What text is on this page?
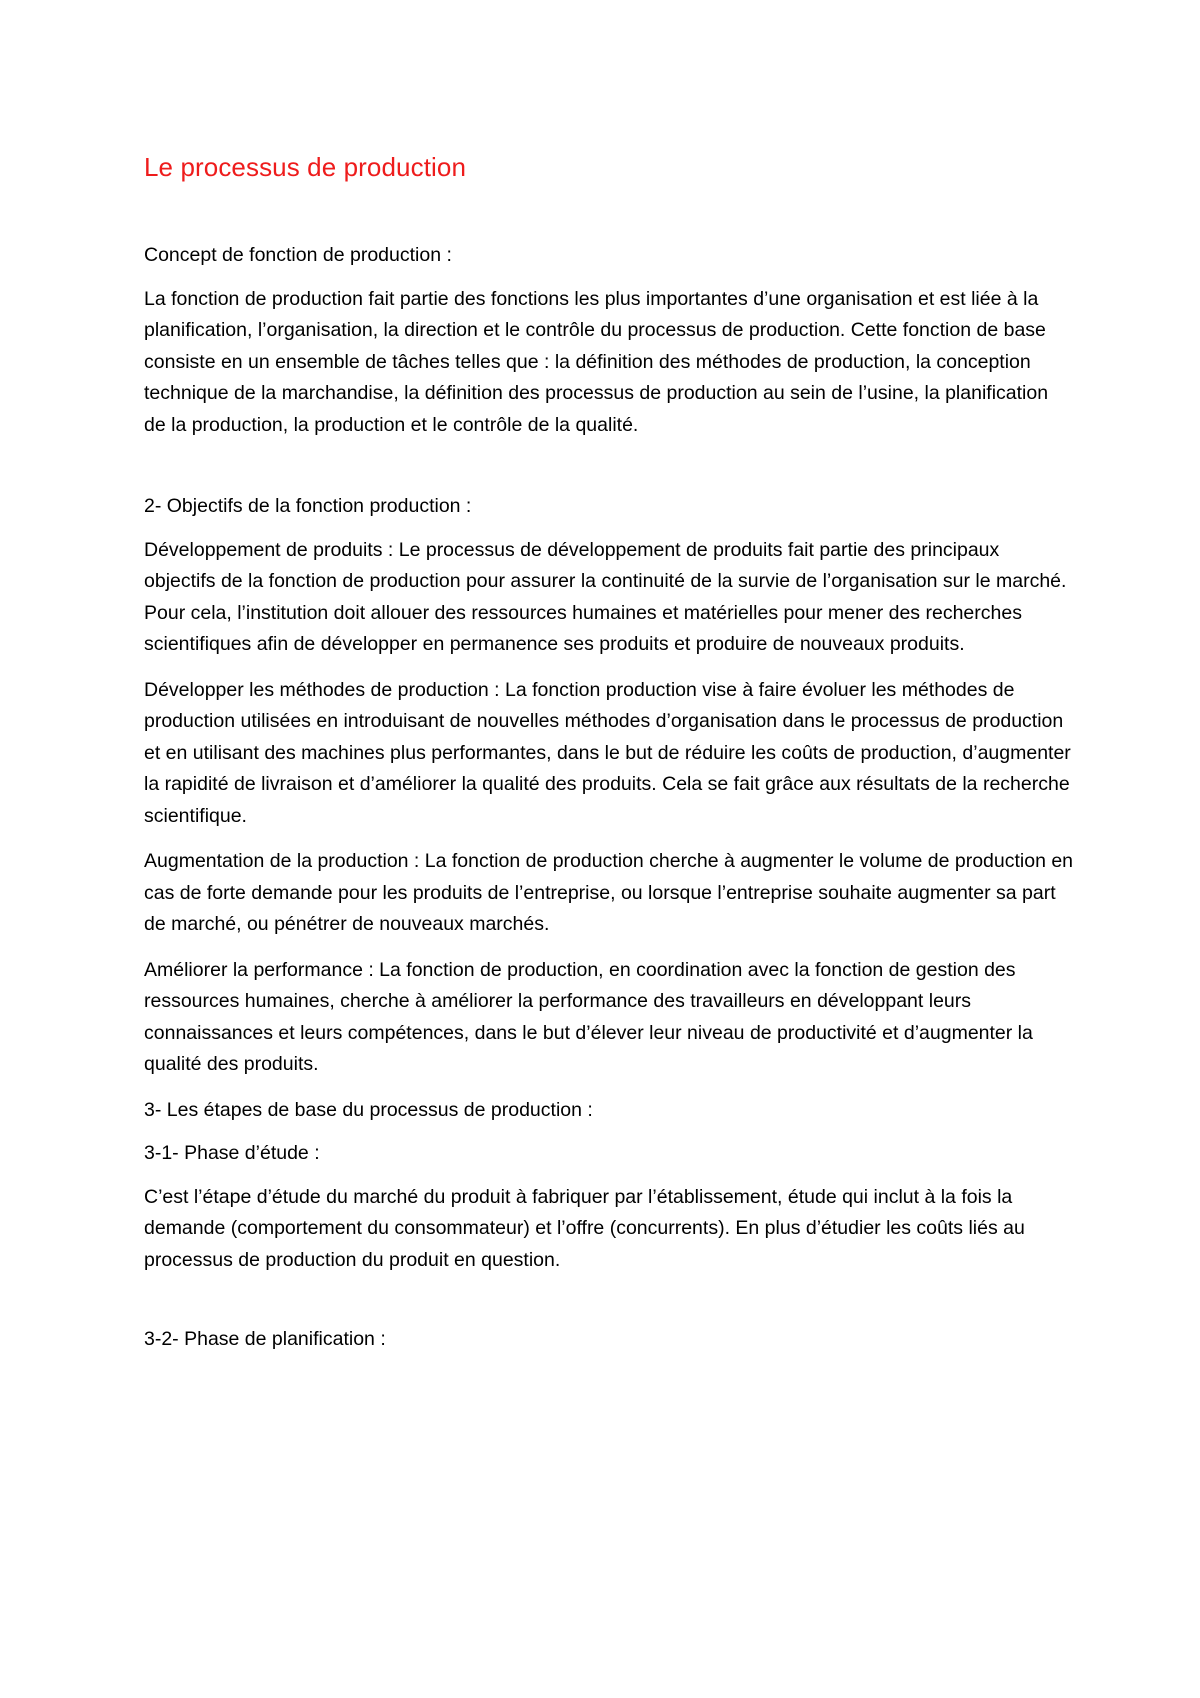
Le processus de production
Concept de fonction de production :

La fonction de production fait partie des fonctions les plus importantes d’une organisation et est liée à la planification, l’organisation, la direction et le contrôle du processus de production. Cette fonction de base consiste en un ensemble de tâches telles que : la définition des méthodes de production, la conception technique de la marchandise, la définition des processus de production au sein de l’usine, la planification de la production, la production et le contrôle de la qualité.

2- Objectifs de la fonction production :

Développement de produits : Le processus de développement de produits fait partie des principaux objectifs de la fonction de production pour assurer la continuité de la survie de l’organisation sur le marché. Pour cela, l’institution doit allouer des ressources humaines et matérielles pour mener des recherches scientifiques afin de développer en permanence ses produits et produire de nouveaux produits.

Développer les méthodes de production : La fonction production vise à faire évoluer les méthodes de production utilisées en introduisant de nouvelles méthodes d’organisation dans le processus de production et en utilisant des machines plus performantes, dans le but de réduire les coûts de production, d’augmenter la rapidité de livraison et d’améliorer la qualité des produits. Cela se fait grâce aux résultats de la recherche scientifique.

Augmentation de la production : La fonction de production cherche à augmenter le volume de production en cas de forte demande pour les produits de l’entreprise, ou lorsque l’entreprise souhaite augmenter sa part de marché, ou pénétrer de nouveaux marchés.

Améliorer la performance : La fonction de production, en coordination avec la fonction de gestion des ressources humaines, cherche à améliorer la performance des travailleurs en développant leurs connaissances et leurs compétences, dans le but d’élever leur niveau de productivité et d’augmenter la qualité des produits.

3- Les étapes de base du processus de production :
3-1- Phase d’étude :

C’est l’étape d’étude du marché du produit à fabriquer par l’établissement, étude qui inclut à la fois la demande (comportement du consommateur) et l’offre (concurrents). En plus d’étudier les coûts liés au processus de production du produit en question.

3-2- Phase de planification :
